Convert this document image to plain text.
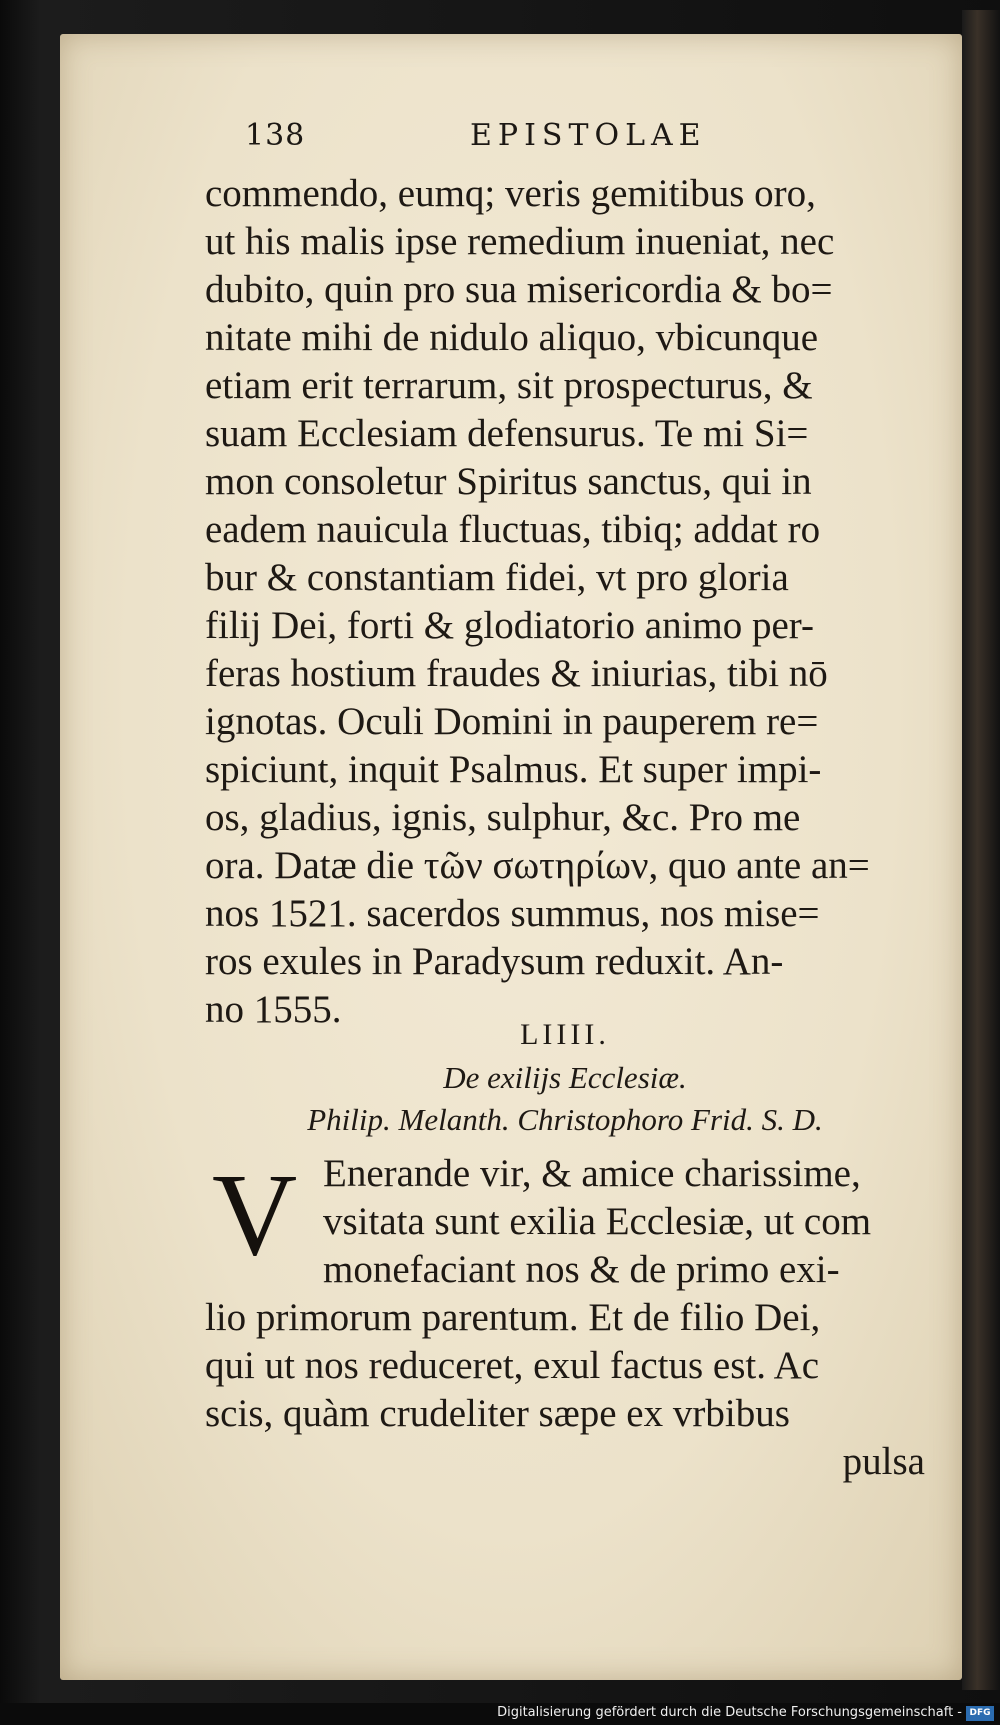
138	EPISTOLAE
commendo, eumq; veris gemitibus oro,
ut his malis ipse remedium inueniat, nec
dubito, quin pro sua misericordia & bo=
nitate mihi de nidulo aliquo, vbicunque
etiam erit terrarum, sit prospecturus, &
suam Ecclesiam defensurus. Te mi Si=
mon consoletur Spiritus sanctus, qui in
eadem nauicula fluctuas, tibiq; addat ro
bur & constantiam fidei, vt pro gloria
filij Dei, forti & glodiatorio animo per-
feras hostium fraudes & iniurias, tibi nō
ignotas. Oculi Domini in pauperem re=
spiciunt, inquit Psalmus. Et super impi-
os, gladius, ignis, sulphur, &c. Pro me
ora. Datæ die τῶν σωτηρίων, quo ante an=
nos 1521. sacerdos summus, nos mise=
ros exules in Paradysum reduxit. An-
no 1555.
LIIII.
De exilijs Ecclesiæ.
Philip. Melanth. Christophoro Frid. S. D.
V Enerande vir, & amice charissime,
vsitata sunt exilia Ecclesiæ, ut com
monefaciant nos & de primo exi-
lio primorum parentum. Et de filio Dei,
qui ut nos reduceret, exul factus est. Ac
scis, quàm crudeliter sæpe ex vrbibus
pulsa
Digitalisierung gefördert durch die Deutsche Forschungsgemeinschaft - DFG
